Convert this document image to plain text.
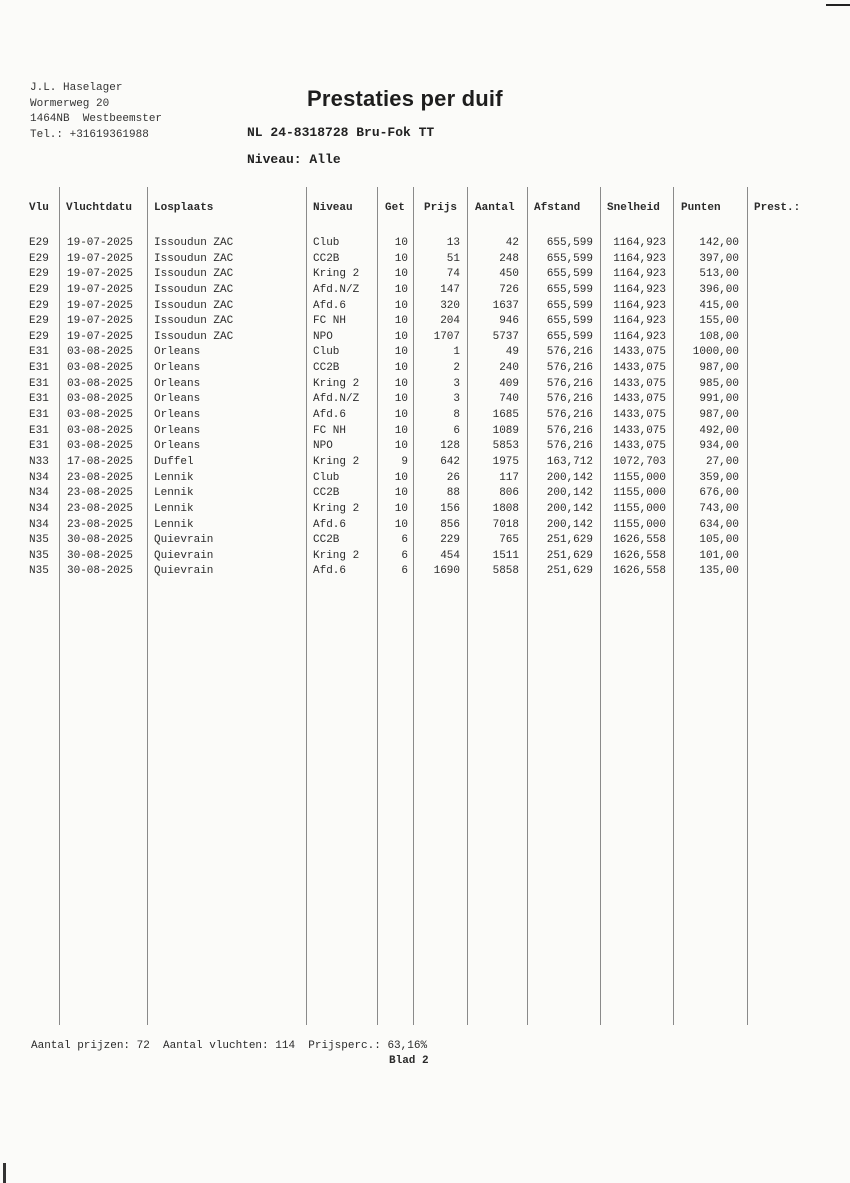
J.L. Haselager
Wormerweg 20
1464NB  Westbeemster
Tel.: +31619361988
Prestaties per duif
NL 24-8318728 Bru-Fok TT
Niveau: Alle
Vlu Vluchtdatu Losplaats	Niveau	Get Prijs Aantal Afstand Snelheid Punten	Prest.:
E29 19-07-2025 Issoudun ZAC	Club	10	13	42	655,599	1164,923	142,00
E29 19-07-2025 Issoudun ZAC	CC2B	10	51	248	655,599	1164,923	397,00
E29 19-07-2025 Issoudun ZAC	Kring 2	10	74	450	655,599	1164,923	513,00
E29 19-07-2025 Issoudun ZAC	Afd.N/Z	10	147	726	655,599	1164,923	396,00
E29 19-07-2025 Issoudun ZAC	Afd.6	10	320	1637	655,599	1164,923	415,00
E29 19-07-2025 Issoudun ZAC	FC NH	10	204	946	655,599	1164,923	155,00
E29 19-07-2025 Issoudun ZAC	NPO	10	1707	5737	655,599	1164,923	108,00
E31 03-08-2025 Orleans	Club	10	1	49	576,216	1433,075	1000,00
E31 03-08-2025 Orleans	CC2B	10	2	240	576,216	1433,075	987,00
E31 03-08-2025 Orleans	Kring 2	10	3	409	576,216	1433,075	985,00
E31 03-08-2025 Orleans	Afd.N/Z	10	3	740	576,216	1433,075	991,00
E31 03-08-2025 Orleans	Afd.6	10	8	1685	576,216	1433,075	987,00
E31 03-08-2025 Orleans	FC NH	10	6	1089	576,216	1433,075	492,00
E31 03-08-2025 Orleans	NPO	10	128	5853	576,216	1433,075	934,00
N33 17-08-2025 Duffel	Kring 2	9	642	1975	163,712	1072,703	27,00
N34 23-08-2025 Lennik	Club	10	26	117	200,142	1155,000	359,00
N34 23-08-2025 Lennik	CC2B	10	88	806	200,142	1155,000	676,00
N34 23-08-2025 Lennik	Kring 2	10	156	1808	200,142	1155,000	743,00
N34 23-08-2025 Lennik	Afd.6	10	856	7018	200,142	1155,000	634,00
N35 30-08-2025 Quievrain	CC2B	6	229	765	251,629	1626,558	105,00
N35 30-08-2025 Quievrain	Kring 2	6	454	1511	251,629	1626,558	101,00
N35 30-08-2025 Quievrain	Afd.6	6	1690	5858	251,629	1626,558	135,00
Aantal prijzen: 72  Aantal vluchten: 114  Prijsperc.: 63,16%
Blad 2
